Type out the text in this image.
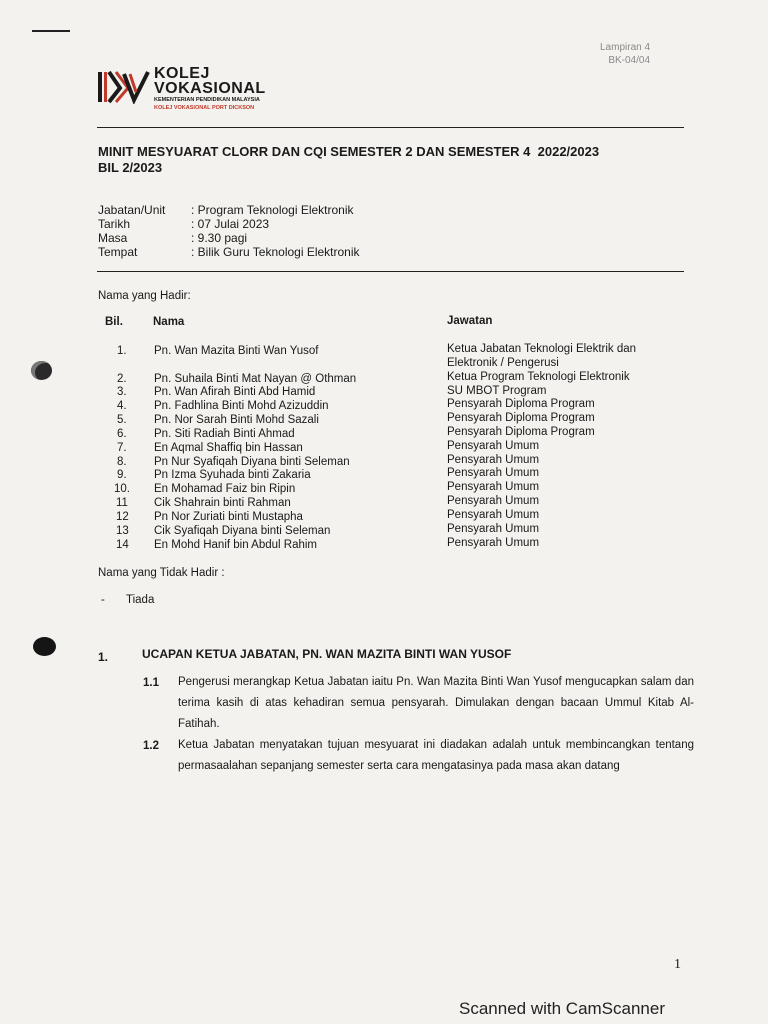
Lampiran 4
BK-04/04
KOLEJ
VOKASIONAL
KEMENTERIAN PENDIDIKAN MALAYSIA
KOLEJ VOKASIONAL PORT DICKSON
MINIT MESYUARAT CLORR DAN CQI SEMESTER 2 DAN SEMESTER 4  2022/2023
BIL 2/2023
Jabatan/Unit	: Program Teknologi Elektronik
Tarikh	: 07 Julai 2023
Masa	: 9.30 pagi
Tempat	: Bilik Guru Teknologi Elektronik
Nama yang Hadir:
Bil.	Nama	Jawatan
1.	Pn. Wan Mazita Binti Wan Yusof	Ketua Jabatan Teknologi Elektrik dan
Elektronik / Pengerusi
2.	Pn. Suhaila Binti Mat Nayan @ Othman	Ketua Program Teknologi Elektronik
3.	Pn. Wan Afirah Binti Abd Hamid	SU MBOT Program
4.	Pn. Fadhlina Binti Mohd Azizuddin	Pensyarah Diploma Program
5.	Pn. Nor Sarah Binti Mohd Sazali	Pensyarah Diploma Program
6.	Pn. Siti Radiah Binti Ahmad	Pensyarah Diploma Program
7.	En Aqmal Shaffiq bin Hassan	Pensyarah Umum
8.	Pn Nur Syafiqah Diyana binti Seleman	Pensyarah Umum
9.	Pn Izma Syuhada binti Zakaria	Pensyarah Umum
10.	En Mohamad Faiz bin Ripin	Pensyarah Umum
11	Cik Shahrain binti Rahman	Pensyarah Umum
12	Pn Nor Zuriati binti Mustapha	Pensyarah Umum
13	Cik Syafiqah Diyana binti Seleman	Pensyarah Umum
14	En Mohd Hanif bin Abdul Rahim	Pensyarah Umum
Nama yang Tidak Hadir :
- Tiada
1.	UCAPAN KETUA JABATAN, PN. WAN MAZITA BINTI WAN YUSOF
1.1 Pengerusi merangkap Ketua Jabatan iaitu Pn. Wan Mazita Binti Wan Yusof mengucapkan salam dan terima kasih di atas kehadiran semua pensyarah. Dimulakan dengan bacaan Ummul Kitab Al-Fatihah.
1.2 Ketua Jabatan menyatakan tujuan mesyuarat ini diadakan adalah untuk membincangkan tentang permasaalahan sepanjang semester serta cara mengatasinya pada masa akan datang
1
Scanned with CamScanner
